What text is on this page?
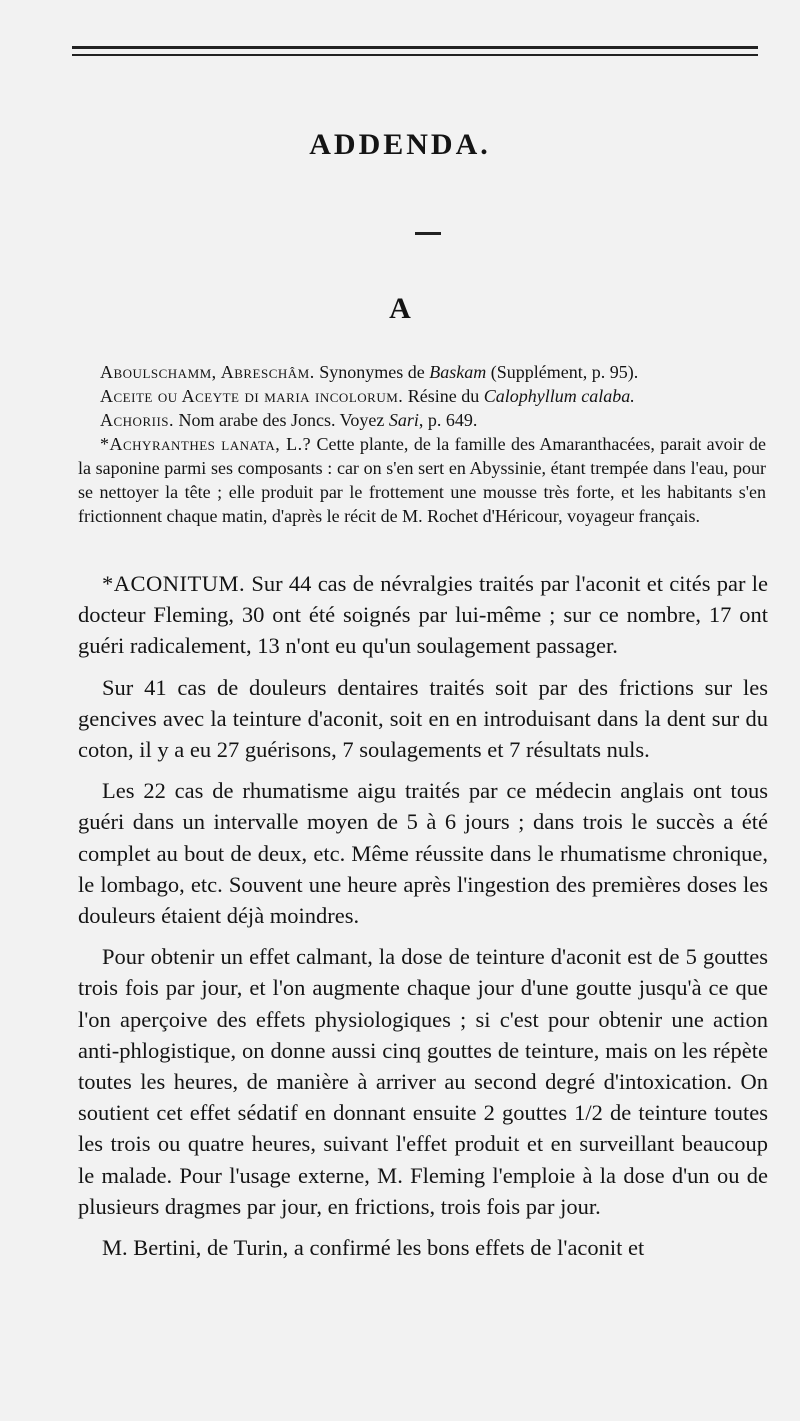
ADDENDA.
A

Aboulschamm, Abreschâm. Synonymes de Baskam (Supplément, p. 95).

Aceite ou Aceyte di maria incolorum. Résine du Calophyllum calaba.

Achoriis. Nom arabe des Joncs. Voyez Sari, p. 649.

*Achyranthes lanata, L.? Cette plante, de la famille des Amaranthacées, parait avoir de la saponine parmi ses composants : car on s'en sert en Abyssinie, étant trempée dans l'eau, pour se nettoyer la tête ; elle produit par le frottement une mousse très forte, et les habitants s'en frictionnent chaque matin, d'après le récit de M. Rochet d'Héricour, voyageur français.

*ACONITUM. Sur 44 cas de névralgies traités par l'aconit et cités par le docteur Fleming, 30 ont été soignés par lui-même ; sur ce nombre, 17 ont guéri radicalement, 13 n'ont eu qu'un soulagement passager.

Sur 41 cas de douleurs dentaires traités soit par des frictions sur les gencives avec la teinture d'aconit, soit en en introduisant dans la dent sur du coton, il y a eu 27 guérisons, 7 soulagements et 7 résultats nuls.

Les 22 cas de rhumatisme aigu traités par ce médecin anglais ont tous guéri dans un intervalle moyen de 5 à 6 jours ; dans trois le succès a été complet au bout de deux, etc. Même réussite dans le rhumatisme chronique, le lombago, etc. Souvent une heure après l'ingestion des premières doses les douleurs étaient déjà moindres.

Pour obtenir un effet calmant, la dose de teinture d'aconit est de 5 gouttes trois fois par jour, et l'on augmente chaque jour d'une goutte jusqu'à ce que l'on aperçoive des effets physiologiques ; si c'est pour obtenir une action anti-phlogistique, on donne aussi cinq gouttes de teinture, mais on les répète toutes les heures, de manière à arriver au second degré d'intoxication. On soutient cet effet sédatif en donnant ensuite 2 gouttes 1/2 de teinture toutes les trois ou quatre heures, suivant l'effet produit et en surveillant beaucoup le malade. Pour l'usage externe, M. Fleming l'emploie à la dose d'un ou de plusieurs dragmes par jour, en frictions, trois fois par jour.

M. Bertini, de Turin, a confirmé les bons effets de l'aconit et
